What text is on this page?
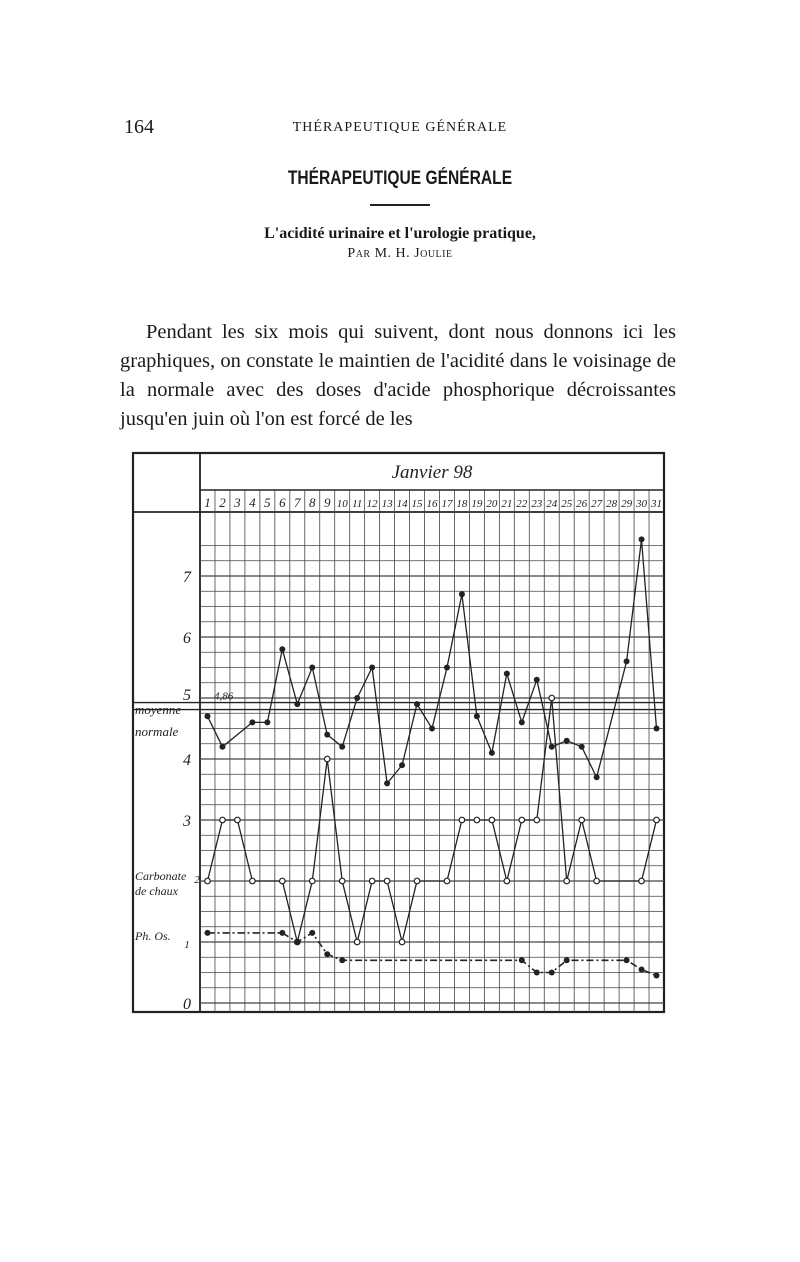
164	THÉRAPEUTIQUE GÉNÉRALE
THÉRAPEUTIQUE GÉNÉRALE
L'acidité urinaire et l'urologie pratique,
Par M. H. Joulie

Pendant les six mois qui suivent, dont nous donnons ici les graphiques, on constate le maintien de l'acidité dans le voisinage de la normale avec des doses d'acide phosphorique décroissantes jusqu'en juin où l'on est forcé de les

Janvier 98
1 2 3 4 5 6 7 8 9 10 11 12 13 14 15 16 17 18 19 20 21 22 23 24 25 26 27 28 29 30 31
0
1
2
3
4
5
6
7
4,86
moyenne
normale
Carbonate
de chaux
Ph. Os.
